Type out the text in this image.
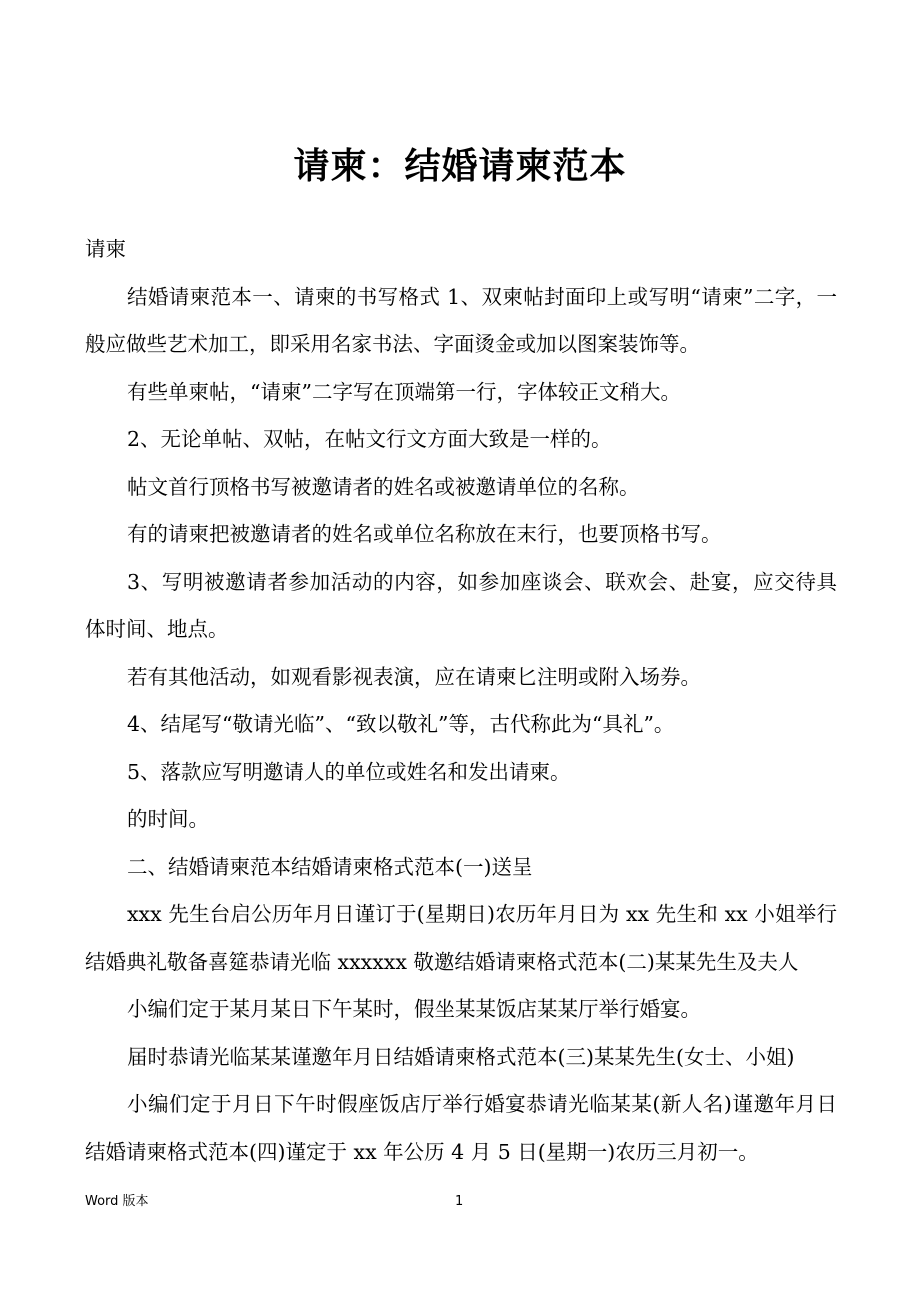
请柬：结婚请柬范本

请柬

结婚请柬范本一、请柬的书写格式 1、双柬帖封面印上或写明“请柬”二字，一般应做些艺术加工，即采用名家书法、字面烫金或加以图案装饰等。

有些单柬帖，“请柬”二字写在顶端第一行，字体较正文稍大。

2、无论单帖、双帖，在帖文行文方面大致是一样的。

帖文首行顶格书写被邀请者的姓名或被邀请单位的名称。

有的请柬把被邀请者的姓名或单位名称放在末行，也要顶格书写。

3、写明被邀请者参加活动的内容，如参加座谈会、联欢会、赴宴，应交待具体时间、地点。

若有其他活动，如观看影视表演，应在请柬匕注明或附入场券。

4、结尾写“敬请光临”、“致以敬礼”等，古代称此为“具礼”。

5、落款应写明邀请人的单位或姓名和发出请柬。

的时间。

二、结婚请柬范本结婚请柬格式范本(一)送呈

xxx 先生台启公历年月日谨订于(星期日)农历年月日为 xx 先生和 xx 小姐举行结婚典礼敬备喜筵恭请光临 xxxxxx 敬邀结婚请柬格式范本(二)某某先生及夫人

小编们定于某月某日下午某时，假坐某某饭店某某厅举行婚宴。

届时恭请光临某某谨邀年月日结婚请柬格式范本(三)某某先生(女士、小姐)

小编们定于月日下午时假座饭店厅举行婚宴恭请光临某某(新人名)谨邀年月日结婚请柬格式范本(四)谨定于 xx 年公历 4 月 5 日(星期一)农历三月初一。

Word 版本	1
